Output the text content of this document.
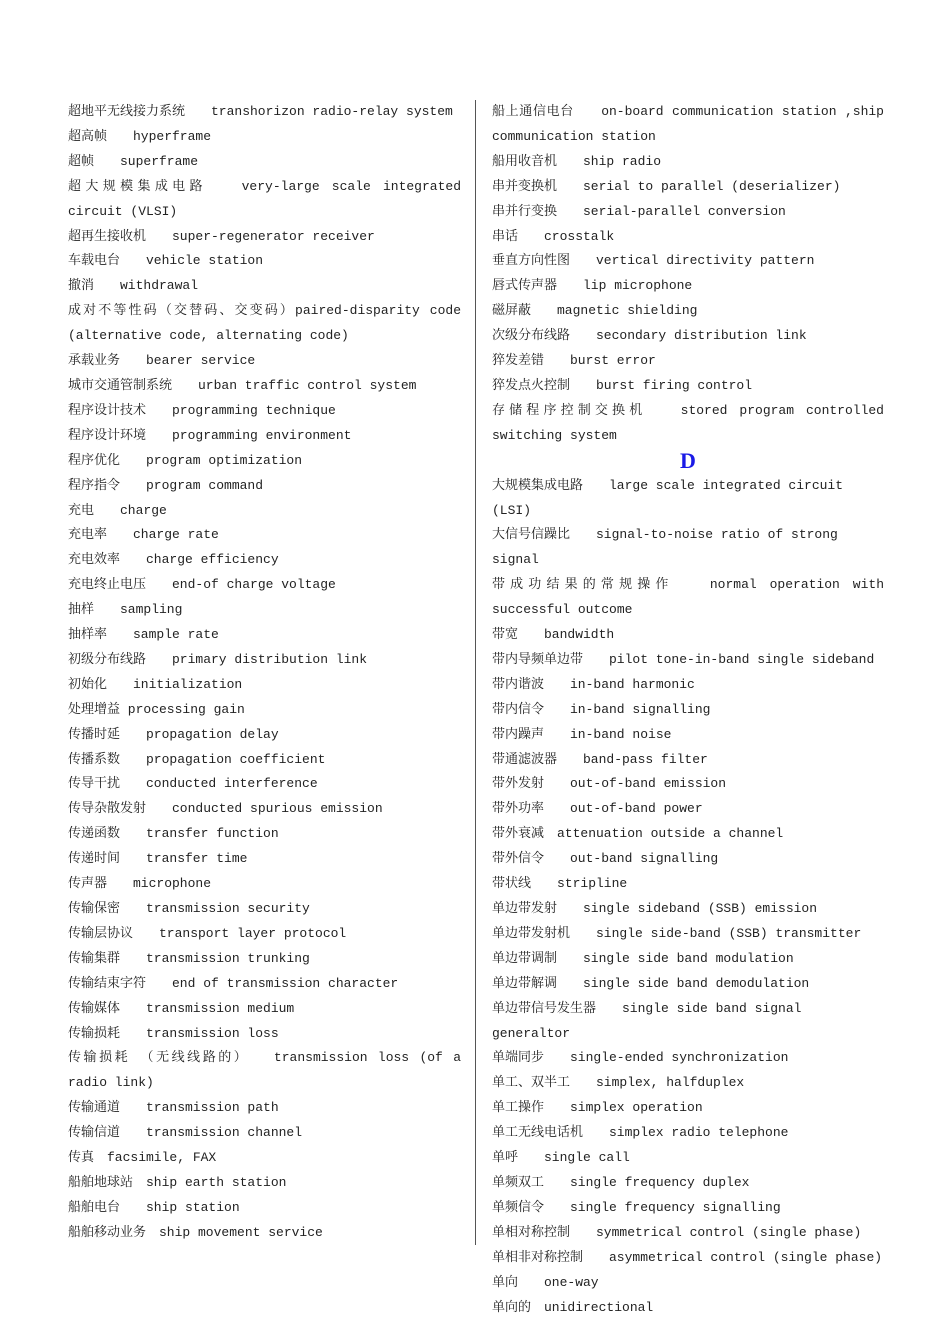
超地平无线接力系统　　transhorizon radio-relay system

超高帧　　hyperframe

超帧　　superframe

超大规模集成电路　　very-large scale integrated circuit (VLSI)

超再生接收机　　super-regenerator receiver

车载电台　　vehicle station

撤消　　withdrawal

成对不等性码（交替码、交变码）paired-disparity code (alternative code, alternating code)

承载业务　　bearer service

城市交通管制系统　　urban traffic control system

程序设计技术　　programming technique

程序设计环境　　programming environment

程序优化　　program optimization

程序指令　　program command

充电　　charge

充电率　　charge rate

充电效率　　charge efficiency

充电终止电压　　end-of charge voltage

抽样　　sampling

抽样率　　sample rate

初级分布线路　　primary distribution link

初始化　　initialization

处理增益 processing gain

传播时延　　propagation delay

传播系数　　propagation coefficient

传导干扰　　conducted interference

传导杂散发射　　conducted spurious emission

传递函数　　transfer function

传递时间　　transfer time

传声器　　microphone

传输保密　　transmission security

传输层协议　　transport layer protocol

传输集群　　transmission trunking

传输结束字符　　end of transmission character

传输媒体　　transmission medium

传输损耗　　transmission loss

传输损耗 （无线线路的）　　transmission loss (of a radio link)

传输通道　　transmission path

传输信道　　transmission channel

传真　facsimile, FAX

船舶地球站　ship earth station

船舶电台　　ship station

船舶移动业务　ship movement service

船上通信电台　　on-board communication station ,ship communication station

船用收音机　　ship radio

串并变换机　　serial to parallel (deserializer)

串并行变换　　serial-parallel conversion

串话　　crosstalk

垂直方向性图　　vertical directivity pattern

唇式传声器　　lip microphone

磁屏蔽　　magnetic shielding

次级分布线路　　secondary distribution link

猝发差错　　burst error

猝发点火控制　　burst firing control

存储程序控制交换机　　stored program controlled switching system

D

大规模集成电路　　large scale integrated circuit (LSI)

大信号信躁比　　signal-to-noise ratio of strong signal

带成功结果的常规操作　　normal operation with successful outcome

带宽　　bandwidth

带内导频单边带　　pilot tone-in-band single sideband

带内谐波　　in-band harmonic

带内信令　　in-band signalling

带内躁声　　in-band noise

带通滤波器　　band-pass filter

带外发射　　out-of-band emission

带外功率　　out-of-band power

带外衰减　attenuation outside a channel

带外信令　　out-band signalling

带状线　　stripline

单边带发射　　single sideband (SSB) emission

单边带发射机　　single side-band (SSB) transmitter

单边带调制　　single side band modulation

单边带解调　　single side band demodulation

单边带信号发生器　　single side band signal generaltor

单端同步　　single-ended synchronization

单工、双半工　　simplex, halfduplex

单工操作　　simplex operation

单工无线电话机　　simplex radio telephone

单呼　　single call

单频双工　　single frequency duplex

单频信令　　single frequency signalling

单相对称控制　　symmetrical control (single phase)

单相非对称控制　　asymmetrical control (single phase)

单向　　one-way

单向的　unidirectional
